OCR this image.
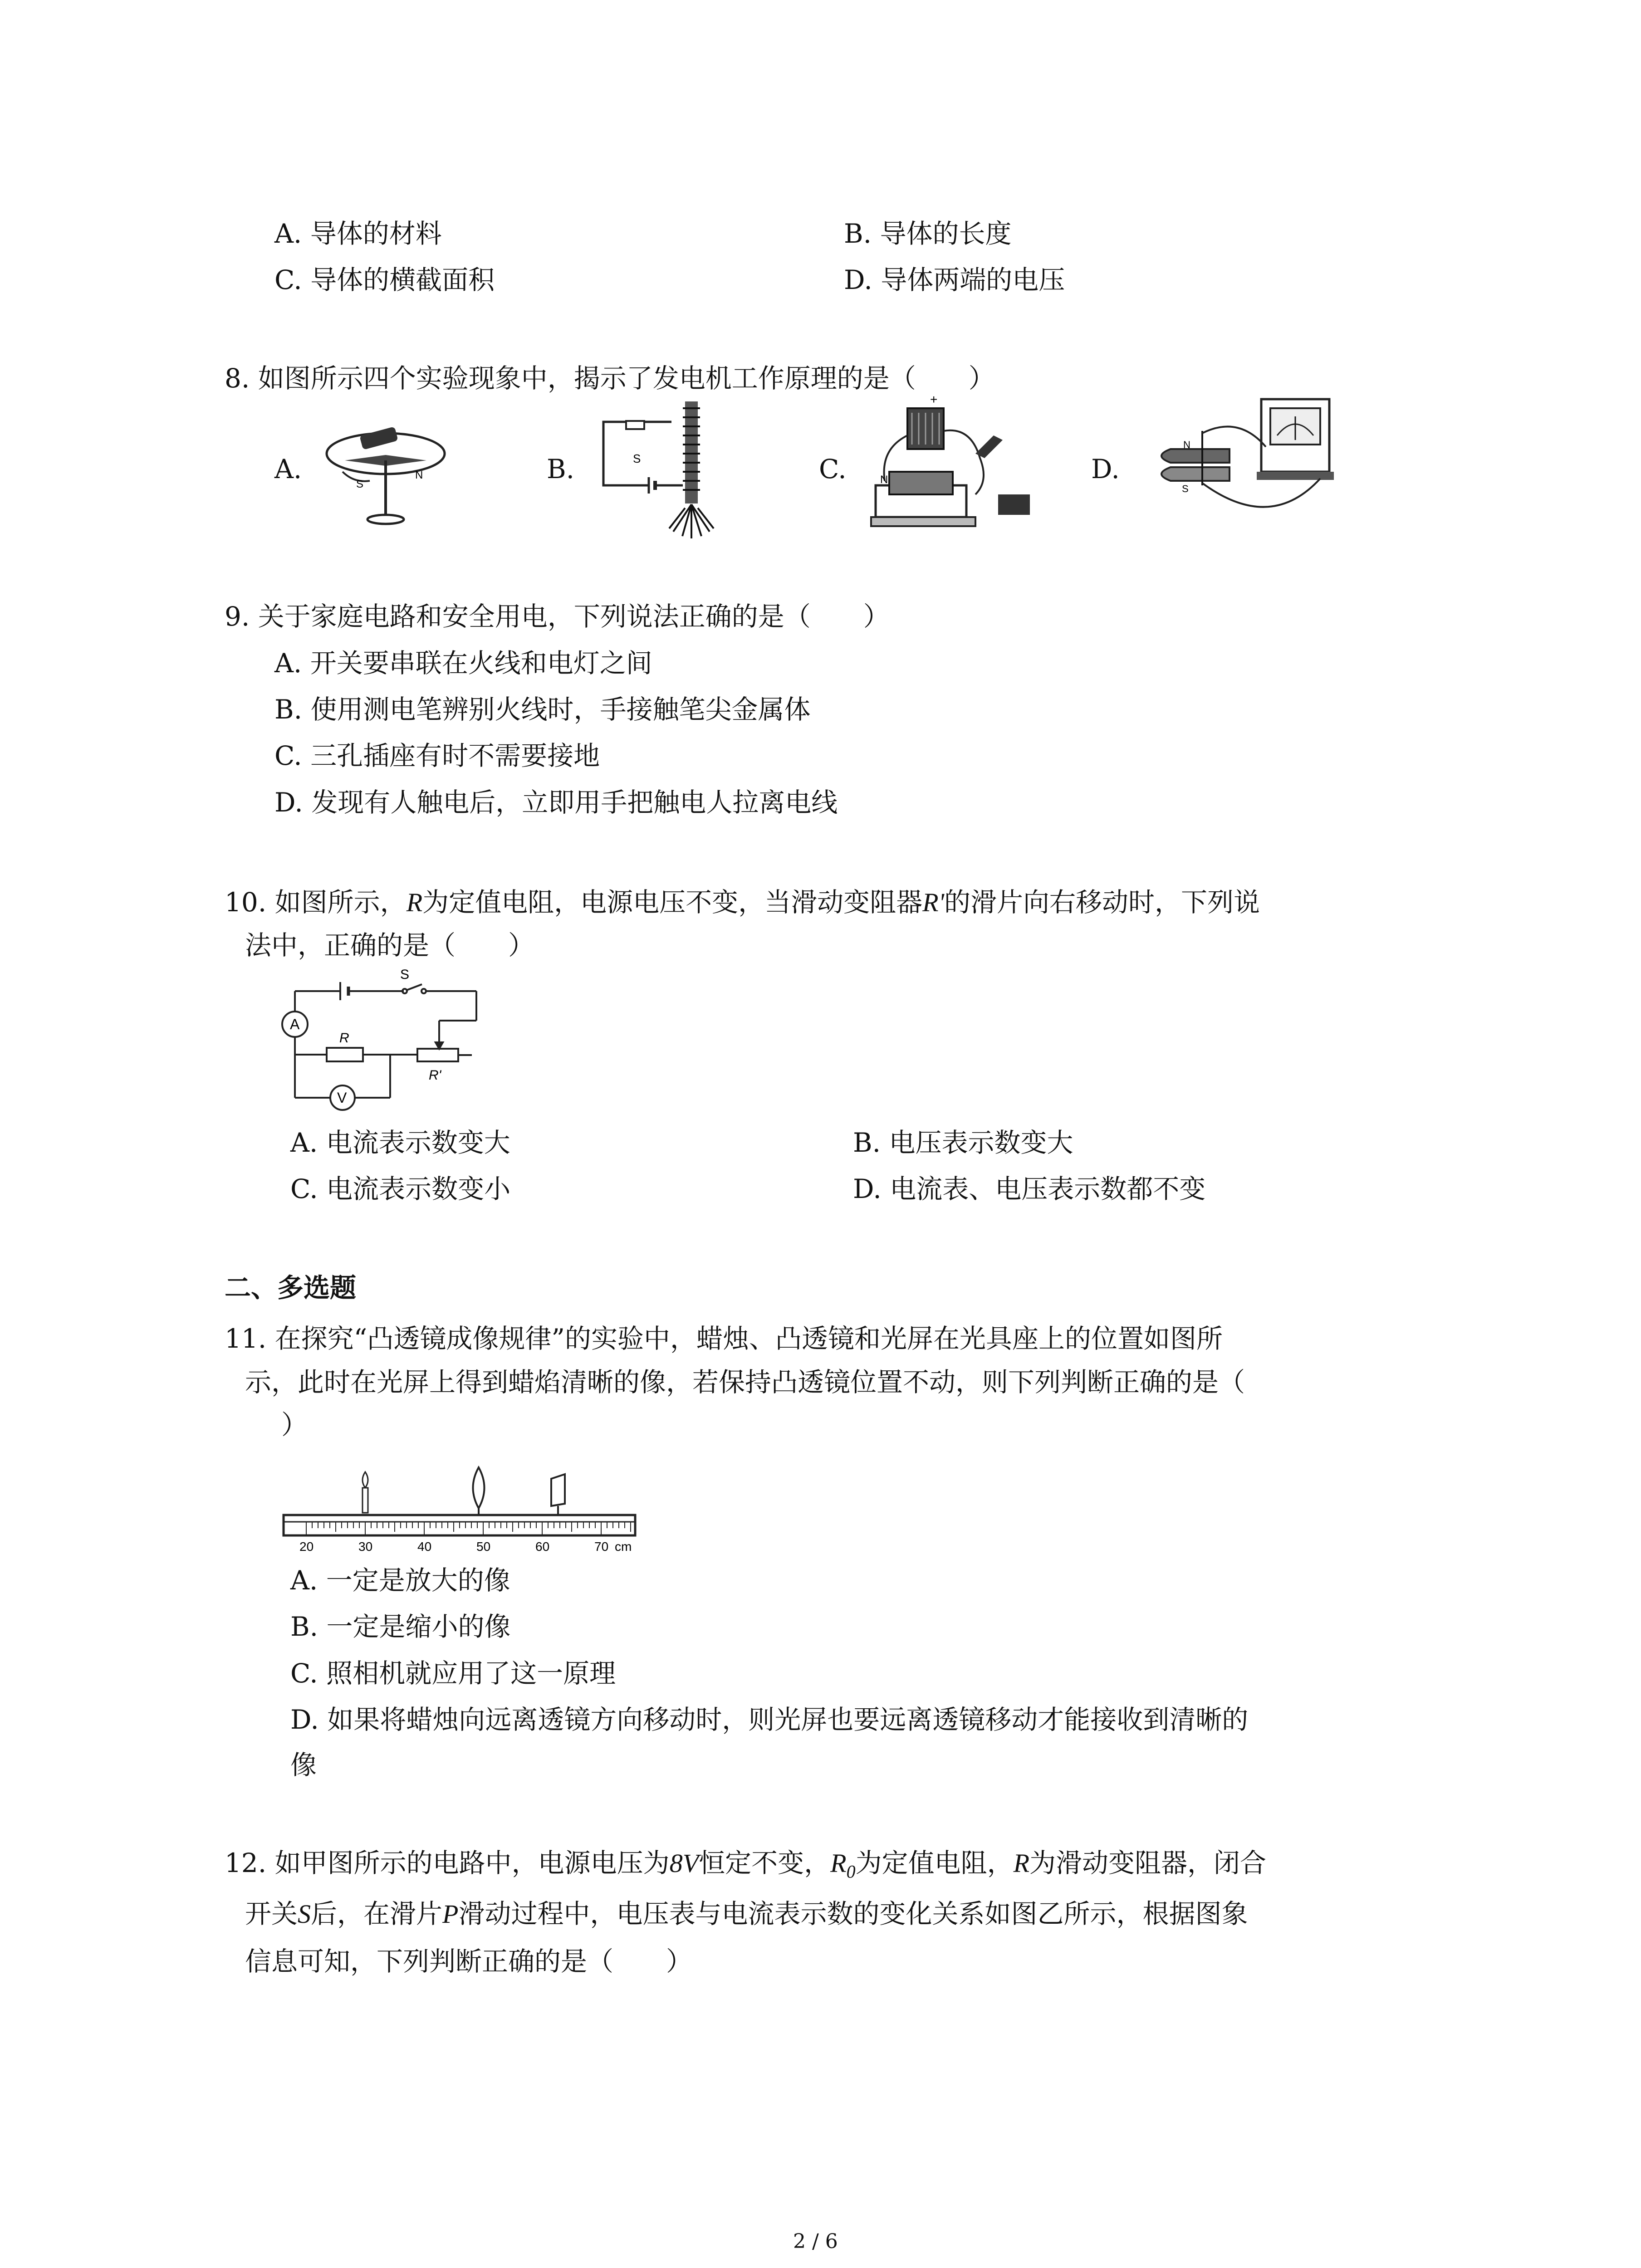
A. 导体的材料	B. 导体的长度
C. 导体的横截面积	D. 导体两端的电压
8. 如图所示四个实验现象中，揭示了发电机工作原理的是（　　）
A.	B.	C.	D.
S
N
S
+
N
N
S
9. 关于家庭电路和安全用电，下列说法正确的是（　　）
A. 开关要串联在火线和电灯之间
B. 使用测电笔辨别火线时，手接触笔尖金属体
C. 三孔插座有时不需要接地
D. 发现有人触电后，立即用手把触电人拉离电线
10. 如图所示，R为定值电阻，电源电压不变，当滑动变阻器R'的滑片向右移动时，下列说
法中，正确的是（　　）
S
A
V
R
R'
A. 电流表示数变大	B. 电压表示数变大
C. 电流表示数变小	D. 电流表、电压表示数都不变
二、多选题
11. 在探究“凸透镜成像规律”的实验中，蜡烛、凸透镜和光屏在光具座上的位置如图所
示，此时在光屏上得到蜡焰清晰的像，若保持凸透镜位置不动，则下列判断正确的是（
）
20	30	40	50	60	70 cm
A. 一定是放大的像
B. 一定是缩小的像
C. 照相机就应用了这一原理
D. 如果将蜡烛向远离透镜方向移动时，则光屏也要远离透镜移动才能接收到清晰的
像
12. 如甲图所示的电路中，电源电压为8V恒定不变，$R_0$为定值电阻，R为滑动变阻器，闭合
开关S后，在滑片P滑动过程中，电压表与电流表示数的变化关系如图乙所示，根据图象
信息可知，下列判断正确的是（　　）
2 / 6
